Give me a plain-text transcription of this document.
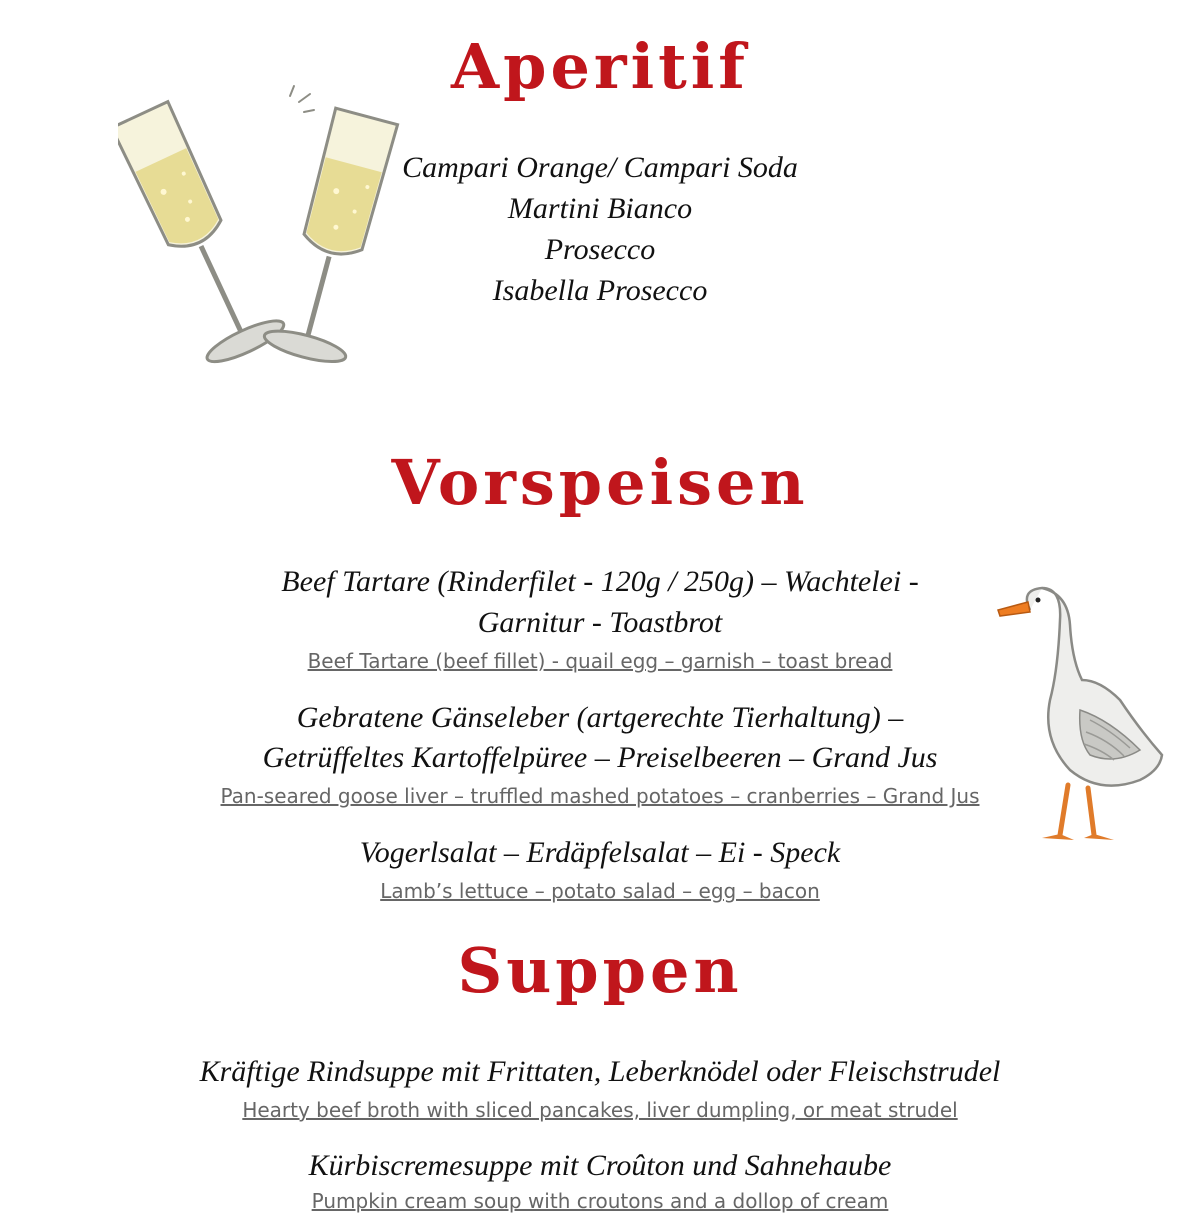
Aperitif
Campari Orange/ Campari Soda
Martini Bianco
Prosecco
Isabella Prosecco
Vorspeisen
Beef Tartare (Rinderfilet - 120g / 250g) – Wachtelei -
Garnitur - Toastbrot
Beef Tartare (beef fillet) - quail egg – garnish – toast bread
Gebratene Gänseleber (artgerechte Tierhaltung) –
Getrüffeltes Kartoffelpüree – Preiselbeeren – Grand Jus
Pan-seared goose liver – truffled mashed potatoes – cranberries – Grand Jus
Vogerlsalat – Erdäpfelsalat – Ei - Speck
Lamb’s lettuce – potato salad – egg – bacon
Suppen
Kräftige Rindsuppe mit Frittaten, Leberknödel oder Fleischstrudel
Hearty beef broth with sliced pancakes, liver dumpling, or meat strudel
Kürbiscremesuppe mit Croûton und Sahnehaube
Pumpkin cream soup with croutons and a dollop of cream
